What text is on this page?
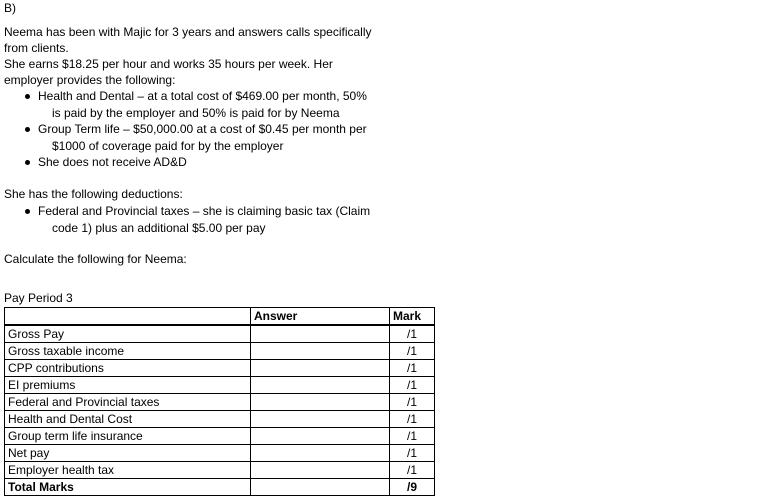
B)
Neema has been with Majic for 3 years and answers calls specifically
from clients.
She earns $18.25 per hour and works 35 hours per week. Her
employer provides the following:
Health and Dental – at a total cost of $469.00 per month, 50%
is paid by the employer and 50% is paid for by Neema
Group Term life – $50,000.00 at a cost of $0.45 per month per
$1000 of coverage paid for by the employer
She does not receive AD&D
She has the following deductions:
Federal and Provincial taxes – she is claiming basic tax (Claim
code 1) plus an additional $5.00 per pay
Calculate the following for Neema:
Pay Period 3
	Answer	Mark
Gross Pay		/1
Gross taxable income		/1
CPP contributions		/1
EI premiums		/1
Federal and Provincial taxes		/1
Health and Dental Cost		/1
Group term life insurance		/1
Net pay		/1
Employer health tax		/1
Total Marks		/9
